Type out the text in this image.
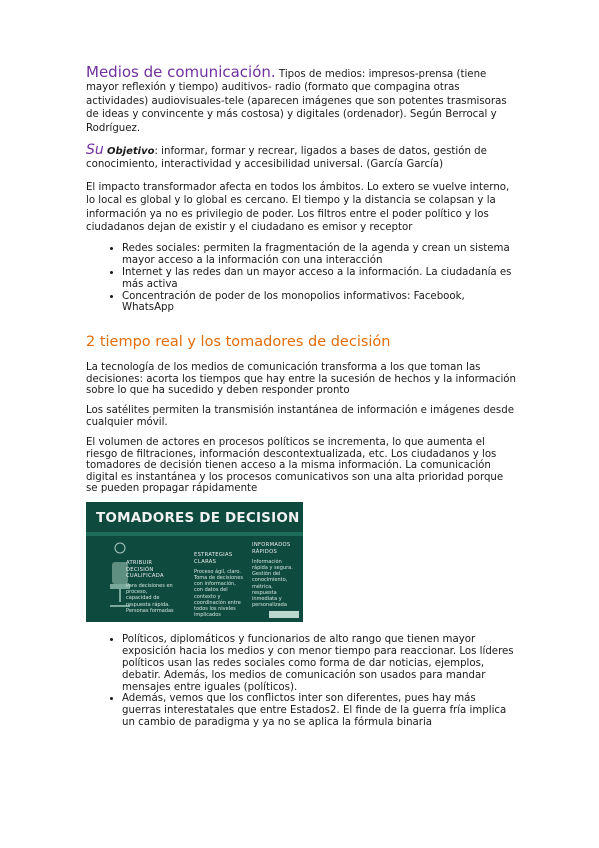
Medios de comunicación. Tipos de medios: impresos-prensa (tiene mayor reflexión y tiempo) auditivos- radio (formato que compagina otras actividades) audiovisuales-tele (aparecen imágenes que son potentes trasmisoras de ideas y convincente y más costosa) y digitales (ordenador). Según Berrocal y Rodríguez.

Su Objetivo: informar, formar y recrear, ligados a bases de datos, gestión de conocimiento, interactividad y accesibilidad universal. (García García)

El impacto transformador afecta en todos los ámbitos. Lo extero se vuelve interno, lo local es global y lo global es cercano. El tiempo y la distancia se colapsan y la información ya no es privilegio de poder. Los filtros entre el poder político y los ciudadanos dejan de existir y el ciudadano es emisor y receptor

• Redes sociales: permiten la fragmentación de la agenda y crean un sistema mayor acceso a la información con una interacción
• Internet y las redes dan un mayor acceso a la información. La ciudadanía es más activa
• Concentración de poder de los monopolios informativos: Facebook, WhatsApp
2 tiempo real y los tomadores de decisión

La tecnología de los medios de comunicación transforma a los que toman las decisiones: acorta los tiempos que hay entre la sucesión de hechos y la información sobre lo que ha sucedido y deben responder pronto

Los satélites permiten la transmisión instantánea de información e imágenes desde cualquier móvil.

El volumen de actores en procesos políticos se incrementa, lo que aumenta el riesgo de filtraciones, información descontextualizada, etc. Los ciudadanos y los tomadores de decisión tienen acceso a la misma información. La comunicación digital es instantánea y los procesos comunicativos son una alta prioridad porque se pueden propagar rápidamente

TOMADORES DE DECISION
ATRIBUIR DECISIÓN CUALIFICADA
Para decisiones en proceso, capacidad de respuesta rápida. Personas formadas
ESTRATEGIAS CLARAS
Proceso ágil, claro. Toma de decisiones con información, con datos del contexto y coordinación entre todos los niveles implicados
INFORMADOS RÁPIDOS
Información rápida y segura. Gestión del conocimiento, métrica, respuesta inmediata y personalizada
• Políticos, diplomáticos y funcionarios de alto rango que tienen mayor exposición hacia los medios y con menor tiempo para reaccionar. Los líderes políticos usan las redes sociales como forma de dar noticias, ejemplos, debatir. Además, los medios de comunicación son usados para mandar mensajes entre iguales (políticos).
• Además, vemos que los conflictos inter son diferentes, pues hay más guerras interestatales que entre Estados2. El finde de la guerra fría implica un cambio de paradigma y ya no se aplica la fórmula binaria
